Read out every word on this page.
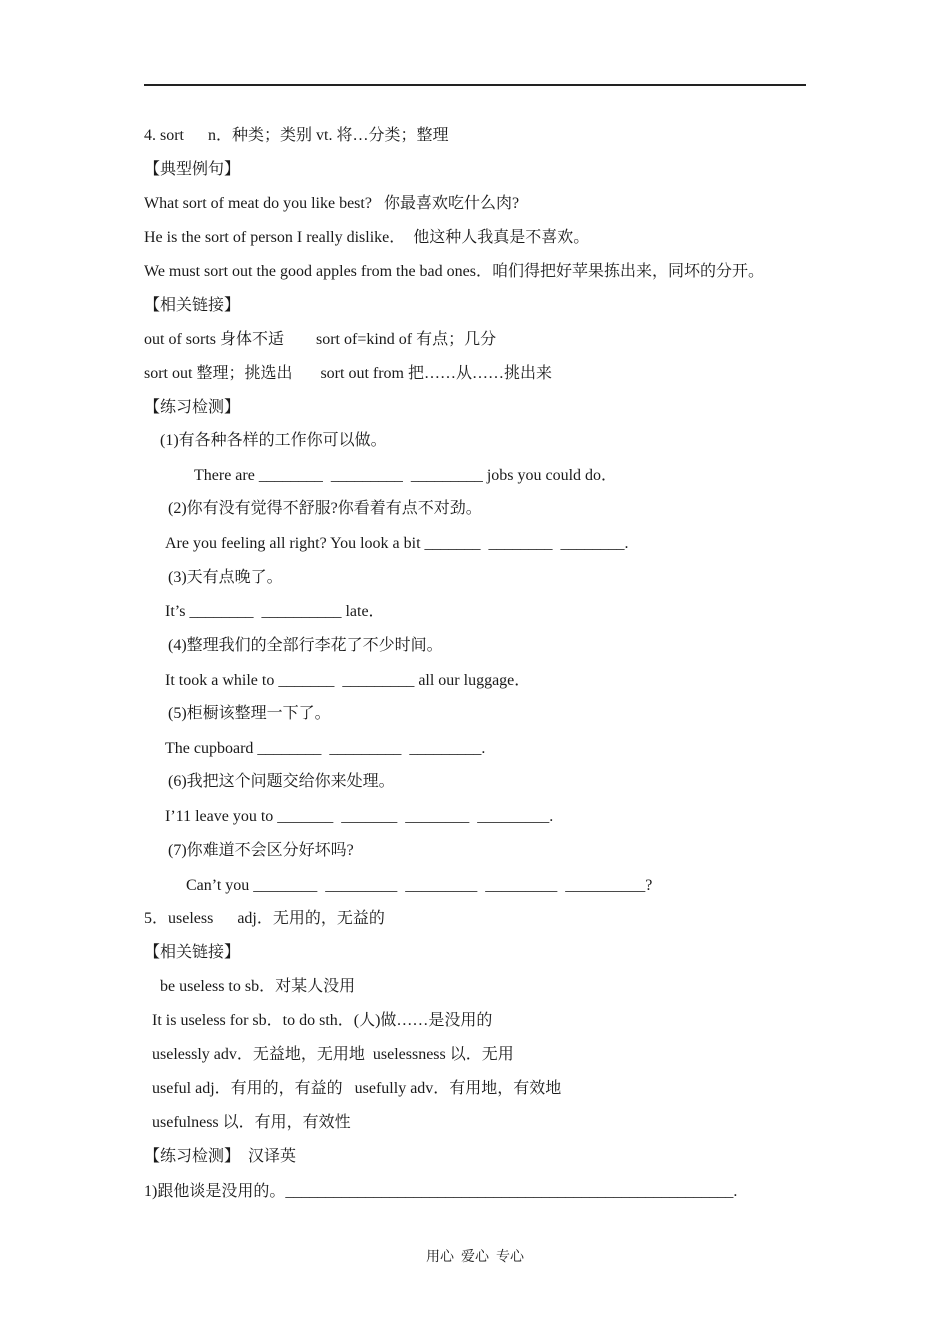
4. sort      n．种类；类别 vt. 将…分类；整理
【典型例句】
What sort of meat do you like best?   你最喜欢吃什么肉?
He is the sort of person I really dislike．  他这种人我真是不喜欢。
We must sort out the good apples from the bad ones．咱们得把好苹果拣出来，同坏的分开。
【相关链接】
out of sorts 身体不适        sort of=kind of 有点；几分
sort out 整理；挑选出       sort out from 把……从……挑出来
【练习检测】
(1)有各种各样的工作你可以做。
There are ________  _________  _________ jobs you could do．
(2)你有没有觉得不舒服?你看着有点不对劲。
Are you feeling all right? You look a bit _______  ________  ________.
(3)天有点晚了。
It’s ________  __________ late．
(4)整理我们的全部行李花了不少时间。
It took a while to _______  _________ all our luggage．
(5)柜橱该整理一下了。
The cupboard ________  _________  _________.
(6)我把这个问题交给你来处理。
I’11 leave you to _______  _______  ________  _________.
(7)你难道不会区分好坏吗?
Can’t you ________  _________  _________  _________  __________?
5．useless      adj．无用的，无益的
【相关链接】
be useless to sb．对某人没用
It is useless for sb．to do sth．(人)做……是没用的
uselessly adv．无益地，无用地  uselessness 以．无用
useful adj．有用的，有益的   usefully adv．有用地，有效地
usefulness 以．有用，有效性
【练习检测】  汉译英
1)跟他谈是没用的。________________________________________________________.
用心  爱心  专心
